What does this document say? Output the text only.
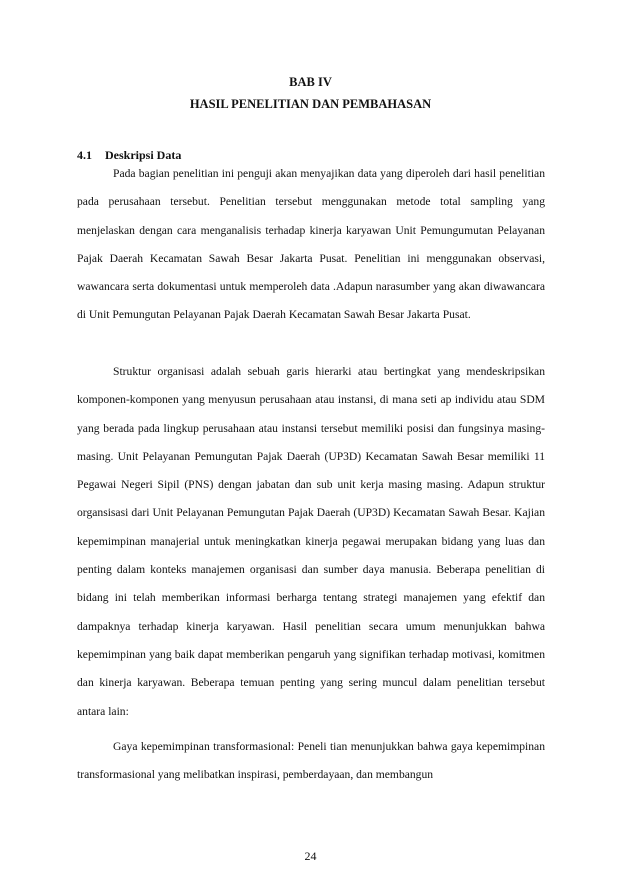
BAB IV
HASIL PENELITIAN DAN PEMBAHASAN
4.1 Deskripsi Data

Pada bagian penelitian ini penguji akan menyajikan data yang diperoleh dari hasil penelitian pada perusahaan tersebut. Penelitian tersebut menggunakan metode total sampling yang menjelaskan dengan cara menganalisis terhadap kinerja karyawan Unit Pemungumutan Pelayanan Pajak Daerah Kecamatan Sawah Besar Jakarta Pusat. Penelitian ini menggunakan observasi, wawancara serta dokumentasi untuk memperoleh data .Adapun narasumber yang akan diwawancara di Unit Pemungutan Pelayanan Pajak Daerah Kecamatan Sawah Besar Jakarta Pusat.

Struktur organisasi adalah sebuah garis hierarki atau bertingkat yang mendeskripsikan komponen-komponen yang menyusun perusahaan atau instansi, di mana seti ap individu atau SDM yang berada pada lingkup perusahaan atau instansi tersebut memiliki posisi dan fungsinya masing-masing. Unit Pelayanan Pemungutan Pajak Daerah (UP3D) Kecamatan Sawah Besar memiliki 11 Pegawai Negeri Sipil (PNS) dengan jabatan dan sub unit kerja masing masing. Adapun struktur organsisasi dari Unit Pelayanan Pemungutan Pajak Daerah (UP3D) Kecamatan Sawah Besar. Kajian kepemimpinan manajerial untuk meningkatkan kinerja pegawai merupakan bidang yang luas dan penting dalam konteks manajemen organisasi dan sumber daya manusia. Beberapa penelitian di bidang ini telah memberikan informasi berharga tentang strategi manajemen yang efektif dan dampaknya terhadap kinerja karyawan. Hasil penelitian secara umum menunjukkan bahwa kepemimpinan yang baik dapat memberikan pengaruh yang signifikan terhadap motivasi, komitmen dan kinerja karyawan. Beberapa temuan penting yang sering muncul dalam penelitian tersebut antara lain:

Gaya kepemimpinan transformasional: Peneli tian menunjukkan bahwa gaya kepemimpinan transformasional yang melibatkan inspirasi, pemberdayaan, dan membangun

24
